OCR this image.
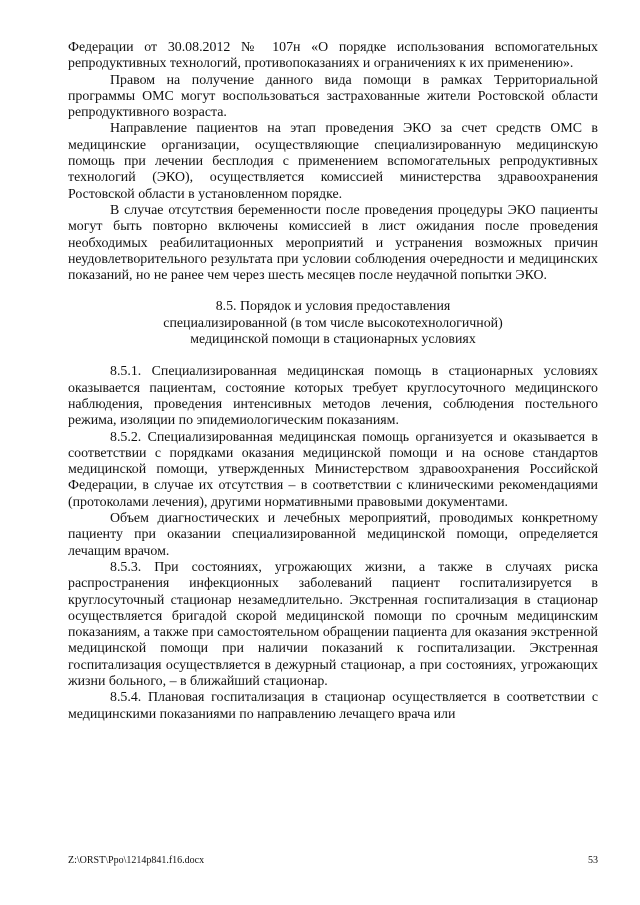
Федерации от 30.08.2012 № 107н «О порядке использования вспомогательных репродуктивных технологий, противопоказаниях и ограничениях к их применению».

Правом на получение данного вида помощи в рамках Территориальной программы ОМС могут воспользоваться застрахованные жители Ростовской области репродуктивного возраста.

Направление пациентов на этап проведения ЭКО за счет средств ОМС в медицинские организации, осуществляющие специализированную медицинскую помощь при лечении бесплодия с применением вспомогательных репродуктивных технологий (ЭКО), осуществляется комиссией министерства здравоохранения Ростовской области в установленном порядке.

В случае отсутствия беременности после проведения процедуры ЭКО пациенты могут быть повторно включены комиссией в лист ожидания после проведения необходимых реабилитационных мероприятий и устранения возможных причин неудовлетворительного результата при условии соблюдения очередности и медицинских показаний, но не ранее чем через шесть месяцев после неудачной попытки ЭКО.

8.5. Порядок и условия предоставления
специализированной (в том числе высокотехнологичной)
медицинской помощи в стационарных условиях

8.5.1. Специализированная медицинская помощь в стационарных условиях оказывается пациентам, состояние которых требует круглосуточного медицинского наблюдения, проведения интенсивных методов лечения, соблюдения постельного режима, изоляции по эпидемиологическим показаниям.

8.5.2. Специализированная медицинская помощь организуется и оказывается в соответствии с порядками оказания медицинской помощи и на основе стандартов медицинской помощи, утвержденных Министерством здравоохранения Российской Федерации, в случае их отсутствия – в соответствии с клиническими рекомендациями (протоколами лечения), другими нормативными правовыми документами.

Объем диагностических и лечебных мероприятий, проводимых конкретному пациенту при оказании специализированной медицинской помощи, определяется лечащим врачом.

8.5.3. При состояниях, угрожающих жизни, а также в случаях риска распространения инфекционных заболеваний пациент госпитализируется в круглосуточный стационар незамедлительно. Экстренная госпитализация в стационар осуществляется бригадой скорой медицинской помощи по срочным медицинским показаниям, а также при самостоятельном обращении пациента для оказания экстренной медицинской помощи при наличии показаний к госпитализации. Экстренная госпитализация осуществляется в дежурный стационар, а при состояниях, угрожающих жизни больного, – в ближайший стационар.

8.5.4. Плановая госпитализация в стационар осуществляется в соответствии с медицинскими показаниями по направлению лечащего врача или

Z:\ORST\Ppo\1214p841.f16.docx	53
